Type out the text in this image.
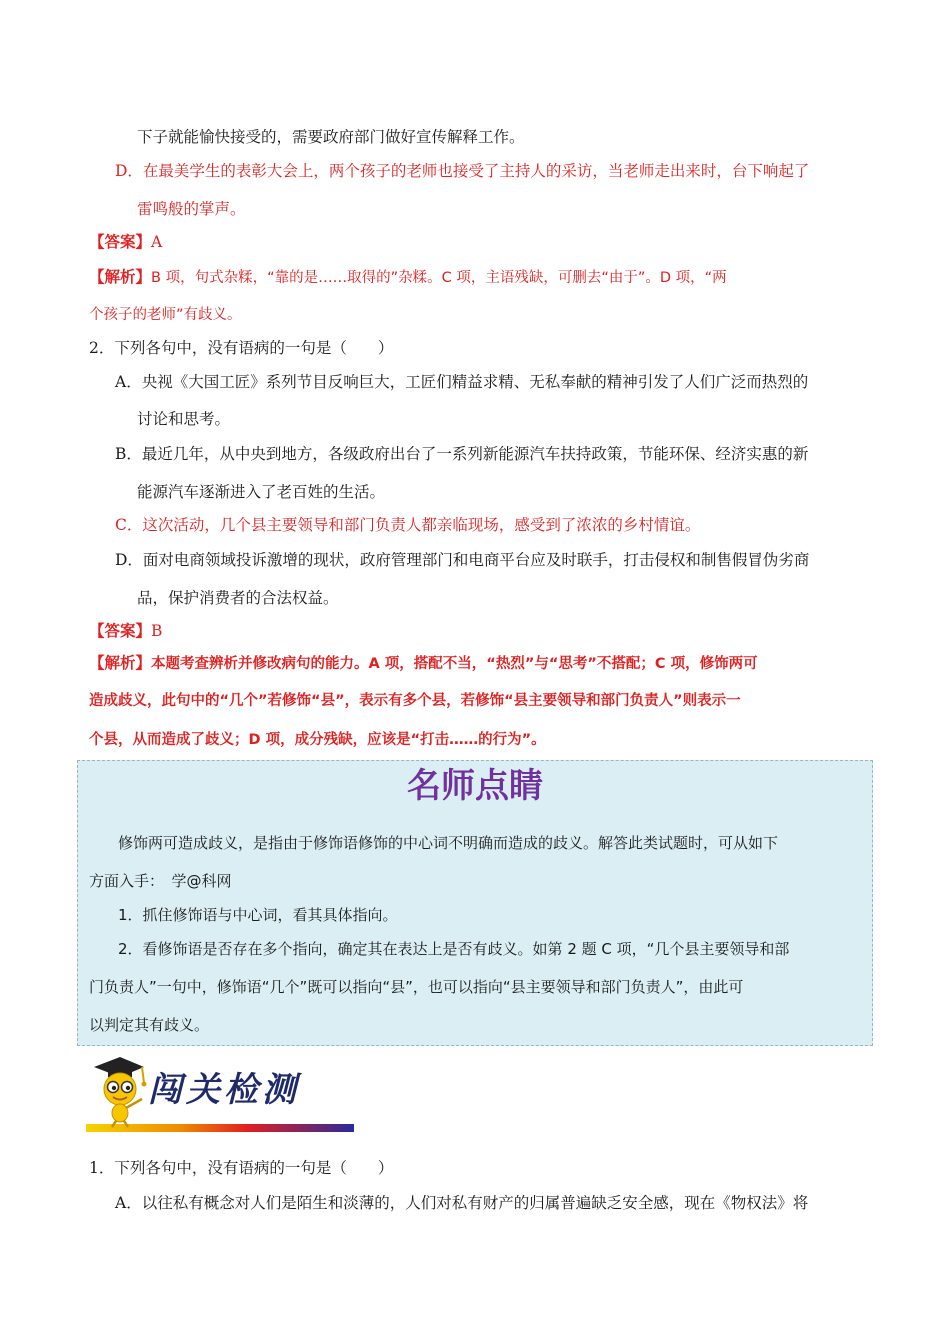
下子就能愉快接受的，需要政府部门做好宣传解释工作。
D．在最美学生的表彰大会上，两个孩子的老师也接受了主持人的采访，当老师走出来时，台下响起了
雷鸣般的掌声。
【答案】A
【解析】B 项，句式杂糅，“靠的是……取得的”杂糅。C 项，主语残缺，可删去“由于”。D 项，“两
个孩子的老师”有歧义。
2．下列各句中，没有语病的一句是（　　）
A．央视《大国工匠》系列节目反响巨大，工匠们精益求精、无私奉献的精神引发了人们广泛而热烈的
讨论和思考。
B．最近几年，从中央到地方，各级政府出台了一系列新能源汽车扶持政策，节能环保、经济实惠的新
能源汽车逐渐进入了老百姓的生活。
C．这次活动，几个县主要领导和部门负责人都亲临现场，感受到了浓浓的乡村情谊。
D．面对电商领域投诉激增的现状，政府管理部门和电商平台应及时联手，打击侵权和制售假冒伪劣商
品，保护消费者的合法权益。
【答案】B
【解析】本题考查辨析并修改病句的能力。A 项，搭配不当，“热烈”与“思考”不搭配；C 项，修饰两可
造成歧义，此句中的“几个”若修饰“县”，表示有多个县，若修饰“县主要领导和部门负责人”则表示一
个县，从而造成了歧义；D 项，成分残缺，应该是“打击……的行为”。
名师点睛
修饰两可造成歧义，是指由于修饰语修饰的中心词不明确而造成的歧义。解答此类试题时，可从如下
方面入手：　学@科网
1．抓住修饰语与中心词，看其具体指向。
2．看修饰语是否存在多个指向，确定其在表达上是否有歧义。如第 2 题 C 项，“几个县主要领导和部
门负责人”一句中，修饰语“几个”既可以指向“县”，也可以指向“县主要领导和部门负责人”，由此可
以判定其有歧义。
闯关检测
1．下列各句中，没有语病的一句是（　　）
A．以往私有概念对人们是陌生和淡薄的，人们对私有财产的归属普遍缺乏安全感，现在《物权法》将
